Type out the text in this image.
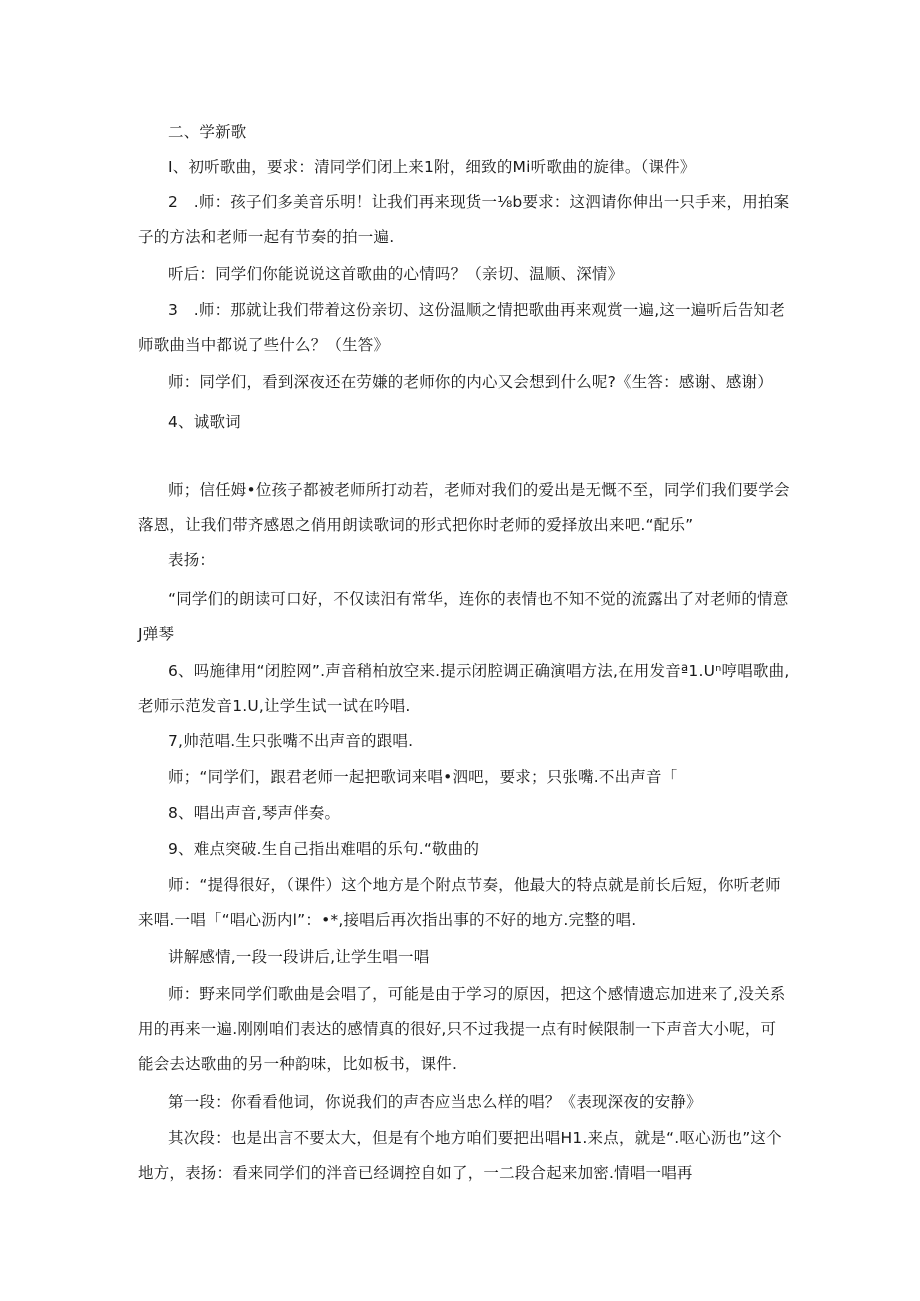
二、学新歌

I、初听歌曲，要求：清同学们闭上来1附，细致的Mi听歌曲的旋律。（课件》

2　.师：孩子们多美音乐明！让我们再来现货一⅛b要求：这泗请你伸出一只手来，用拍案子的方法和老师一起有节奏的拍一遍.

听后：同学们你能说说这首歌曲的心情吗？（亲切、温顺、深情》

3　.师：那就让我们带着这份亲切、这份温顺之情把歌曲再来观赏一遍,这一遍听后告知老师歌曲当中都说了些什么？（生答》

师：同学们，看到深夜还在劳嫌的老师你的内心又会想到什么呢?《生答：感谢、感谢）

4、诚歌词

师；信任姆•位孩子都被老师所打动若，老师对我们的爱出是无慨不至，同学们我们要学会落恩，让我们带齐感恩之俏用朗读歌词的形式把你时老师的爱择放出来吧.“配乐”

表扬：

“同学们的朗读可口好，不仅读汨有常华，连你的表情也不知不觉的流露出了对老师的情意J弹琴

6、吗施律用“闭腔网”.声音稍柏放空来.提示闭腔调正确演唱方法,在用发音ª1.Uⁿ哼唱歌曲,老师示范发音1.U,让学生试一试在吟唱.

7,帅范唱.生只张嘴不出声音的跟唱.

师；“同学们，跟君老师一起把歌词来唱•泗吧，要求；只张嘴.不出声音「

8、唱出声音,琴声伴奏。

9、难点突破.生自己指出难唱的乐句.“敬曲的

师：“提得很好，（课件）这个地方是个附点节奏，他最大的特点就是前长后短，你听老师来唱.一唱「“唱心沥内l”：•*,接唱后再次指出事的不好的地方.完整的唱.

讲解感情,一段一段讲后,让学生唱一唱

师：野来同学们歌曲是会唱了，可能是由于学习的原因，把这个感情遗忘加进来了,没关系用的再来一遍.刚刚咱们表达的感情真的很好,只不过我提一点有时候限制一下声音大小呢，可能会去达歌曲的另一种韵味，比如板书，课件.

第一段：你看看他词，你说我们的声杏应当忠么样的唱？《表现深夜的安静》

其次段：也是出言不要太大，但是有个地方咱们要把出唱H1.来点，就是“.呕心沥也”这个地方，表扬：看来同学们的泮音已经调控自如了，一二段合起来加密.情唱一唱再
